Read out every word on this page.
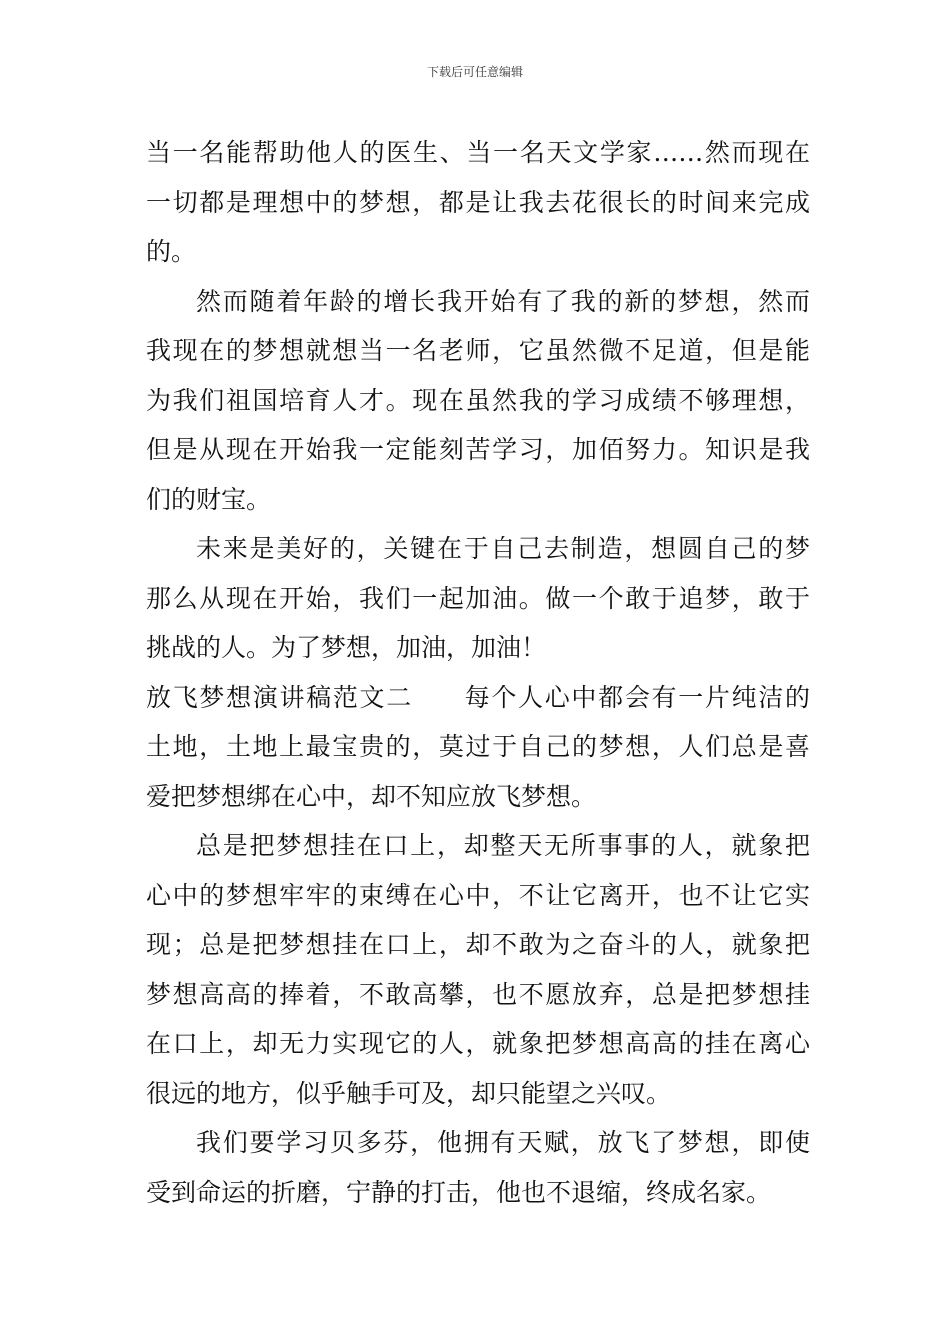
下载后可任意编辑
当一名能帮助他人的医生、当一名天文学家……然而现在
一切都是理想中的梦想，都是让我去花很长的时间来完成
的。
然而随着年龄的增长我开始有了我的新的梦想，然而
我现在的梦想就想当一名老师，它虽然微不足道，但是能
为我们祖国培育人才。现在虽然我的学习成绩不够理想，
但是从现在开始我一定能刻苦学习，加佰努力。知识是我
们的财宝。
未来是美好的，关键在于自己去制造，想圆自己的梦
那么从现在开始，我们一起加油。做一个敢于追梦，敢于
挑战的人。为了梦想，加油，加油！
放飞梦想演讲稿范文二 每个人心中都会有一片纯洁的
土地，土地上最宝贵的，莫过于自己的梦想，人们总是喜
爱把梦想绑在心中，却不知应放飞梦想。
总是把梦想挂在口上，却整天无所事事的人，就象把
心中的梦想牢牢的束缚在心中，不让它离开，也不让它实
现；总是把梦想挂在口上，却不敢为之奋斗的人，就象把
梦想高高的捧着，不敢高攀，也不愿放弃，总是把梦想挂
在口上，却无力实现它的人，就象把梦想高高的挂在离心
很远的地方，似乎触手可及，却只能望之兴叹。
我们要学习贝多芬，他拥有天赋，放飞了梦想，即使
受到命运的折磨，宁静的打击，他也不退缩，终成名家。
